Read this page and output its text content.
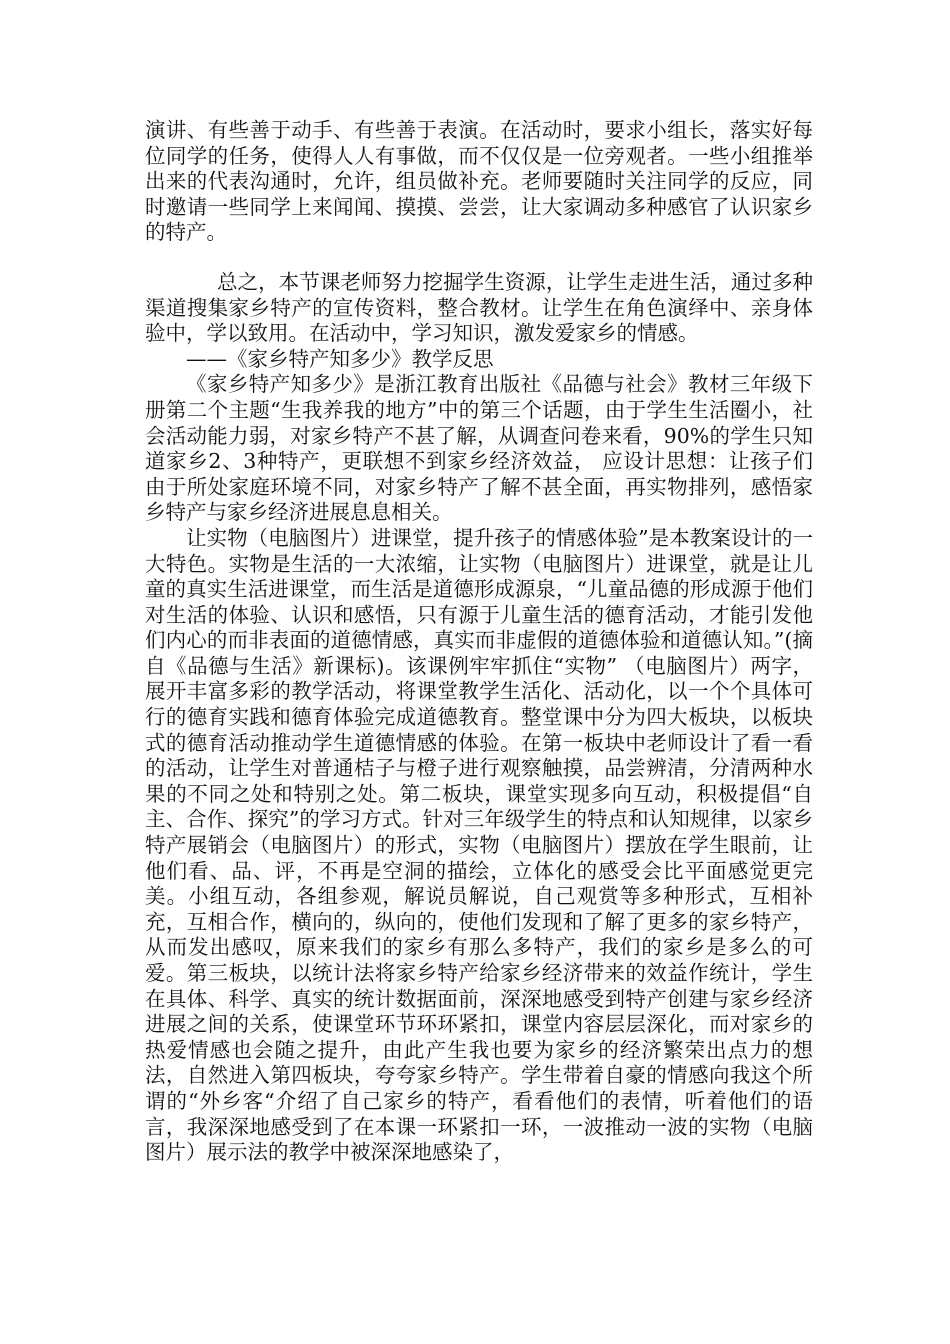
演讲、有些善于动手、有些善于表演。在活动时，要求小组长，落实好每位同学的任务，使得人人有事做，而不仅仅是一位旁观者。一些小组推举出来的代表沟通时，允许，组员做补充。老师要随时关注同学的反应，同时邀请一些同学上来闻闻、摸摸、尝尝，让大家调动多种感官了认识家乡的特产。

总之，本节课老师努力挖掘学生资源，让学生走进生活，通过多种渠道搜集家乡特产的宣传资料，整合教材。让学生在角色演绎中、亲身体验中，学以致用。在活动中，学习知识，激发爱家乡的情感。

——《家乡特产知多少》教学反思

《家乡特产知多少》是浙江教育出版社《品德与社会》教材三年级下册第二个主题“生我养我的地方”中的第三个话题，由于学生生活圈小，社会活动能力弱，对家乡特产不甚了解，从调查问卷来看，90%的学生只知道家乡2、3种特产，更联想不到家乡经济效益， 应设计思想：让孩子们由于所处家庭环境不同，对家乡特产了解不甚全面，再实物排列，感悟家乡特产与家乡经济进展息息相关。

让实物（电脑图片）进课堂，提升孩子的情感体验”是本教案设计的一大特色。实物是生活的一大浓缩，让实物（电脑图片）进课堂，就是让儿童的真实生活进课堂，而生活是道德形成源泉，“儿童品德的形成源于他们对生活的体验、认识和感悟，只有源于儿童生活的德育活动，才能引发他们内心的而非表面的道德情感，真实而非虚假的道德体验和道德认知。”(摘自《品德与生活》新课标)。该课例牢牢抓住“实物” （电脑图片）两字，展开丰富多彩的教学活动，将课堂教学生活化、活动化，以一个个具体可行的德育实践和德育体验完成道德教育。整堂课中分为四大板块，以板块式的德育活动推动学生道德情感的体验。在第一板块中老师设计了看一看的活动，让学生对普通桔子与橙子进行观察触摸，品尝辨清，分清两种水果的不同之处和特别之处。第二板块，课堂实现多向互动，积极提倡“自主、合作、探究”的学习方式。针对三年级学生的特点和认知规律，以家乡特产展销会（电脑图片）的形式，实物（电脑图片）摆放在学生眼前，让他们看、品、评，不再是空洞的描绘，立体化的感受会比平面感觉更完美。小组互动，各组参观，解说员解说，自己观赏等多种形式，互相补充，互相合作，横向的，纵向的，使他们发现和了解了更多的家乡特产，从而发出感叹，原来我们的家乡有那么多特产，我们的家乡是多么的可爱。第三板块，以统计法将家乡特产给家乡经济带来的效益作统计，学生在具体、科学、真实的统计数据面前，深深地感受到特产创建与家乡经济进展之间的关系，使课堂环节环环紧扣，课堂内容层层深化，而对家乡的热爱情感也会随之提升，由此产生我也要为家乡的经济繁荣出点力的想法，自然进入第四板块，夸夸家乡特产。学生带着自豪的情感向我这个所谓的“外乡客“介绍了自己家乡的特产，看看他们的表情，听着他们的语言，我深深地感受到了在本课一环紧扣一环，一波推动一波的实物（电脑图片）展示法的教学中被深深地感染了，
